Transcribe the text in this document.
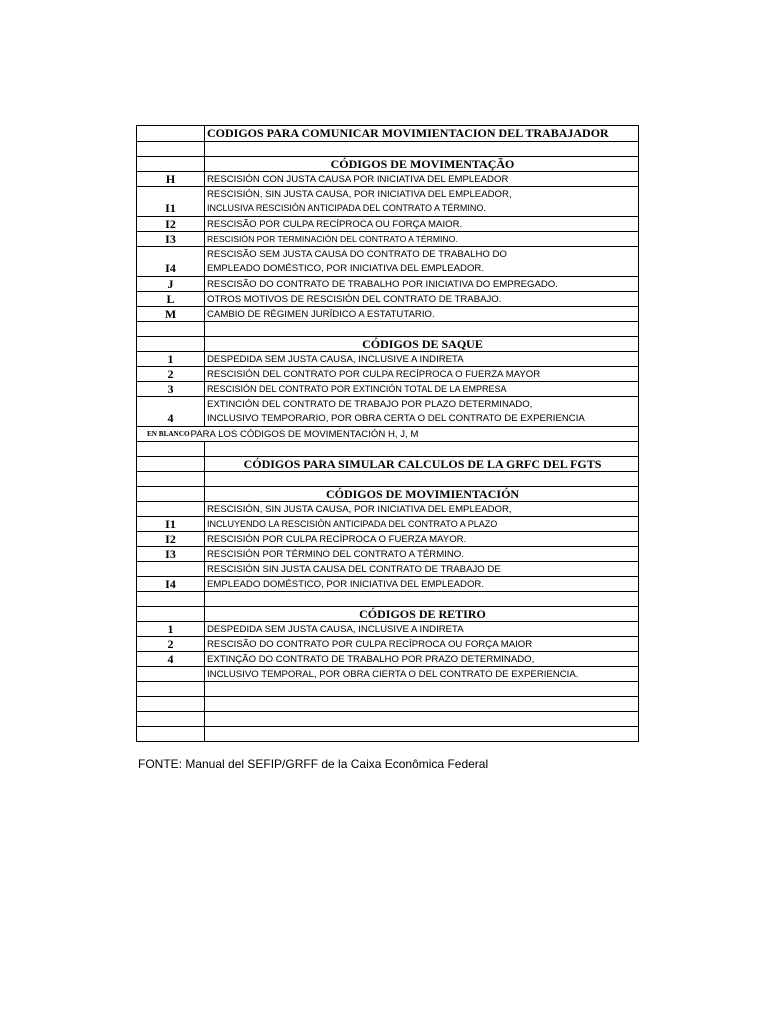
CODIGOS PARA COMUNICAR MOVIMIENTACION DEL TRABAJADOR
CÓDIGOS DE MOVIMENTAÇÃO
H	RESCISIÓN CON JUSTA CAUSA POR INICIATIVA DEL EMPLEADOR
RESCISIÓN, SIN JUSTA CAUSA, POR INICIATIVA DEL EMPLEADOR,
I1	INCLUSIVA RESCISIÓN ANTICIPADA DEL CONTRATO A TÉRMINO.
I2	RESCISÃO POR CULPA RECÍPROCA OU FORÇA MAIOR.
I3	RESCISIÓN POR TERMINACIÓN DEL CONTRATO A TÉRMINO.
RESCISÃO SEM JUSTA CAUSA DO CONTRATO DE TRABALHO DO
I4	EMPLEADO DOMÉSTICO, POR INICIATIVA DEL EMPLEADOR.
J	RESCISÃO DO CONTRATO DE TRABALHO POR INICIATIVA DO EMPREGADO.
L	OTROS MOTIVOS DE RESCISIÓN DEL CONTRATO DE TRABAJO.
M	CAMBIO DE RÉGIMEN JURÍDICO A ESTATUTARIO.
CÓDIGOS DE SAQUE
1	DESPEDIDA SEM JUSTA CAUSA, INCLUSIVE A INDIRETA
2	RESCISIÓN DEL CONTRATO POR CULPA RECÍPROCA O FUERZA MAYOR
3	RESCISIÓN DEL CONTRATO POR EXTINCIÓN TOTAL DE LA EMPRESA
EXTINCIÓN DEL CONTRATO DE TRABAJO POR PLAZO DETERMINADO,
4	INCLUSIVO TEMPORARIO, POR OBRA CERTA O DEL CONTRATO DE EXPERIENCIA
EN BLANCO PARA LOS CÓDIGOS DE MOVIMENTACIÓN H, J, M
CÓDIGOS PARA SIMULAR CALCULOS DE LA GRFC DEL FGTS
CÓDIGOS DE MOVIMIENTACIÓN
RESCISIÓN, SIN JUSTA CAUSA, POR INICIATIVA DEL EMPLEADOR,
I1	INCLUYENDO LA RESCISIÓN ANTICIPADA DEL CONTRATO A PLAZO
I2	RESCISIÓN POR CULPA RECÍPROCA O FUERZA MAYOR.
I3	RESCISIÓN POR TÉRMINO DEL CONTRATO A TÉRMINO.
RESCISIÓN SIN JUSTA CAUSA DEL CONTRATO DE TRABAJO DE
I4	EMPLEADO DOMÉSTICO, POR INICIATIVA DEL EMPLEADOR.
CÓDIGOS DE RETIRO
1	DESPEDIDA SEM JUSTA CAUSA, INCLUSIVE A INDIRETA
2	RESCISÃO DO CONTRATO POR CULPA RECÍPROCA OU FORÇA MAIOR
4	EXTINÇÃO DO CONTRATO DE TRABALHO POR PRAZO DETERMINADO,
INCLUSIVO TEMPORAL, POR OBRA CIERTA O DEL CONTRATO DE EXPERIENCIA.
FONTE: Manual del SEFIP/GRFF de la Caixa Econômica Federal
